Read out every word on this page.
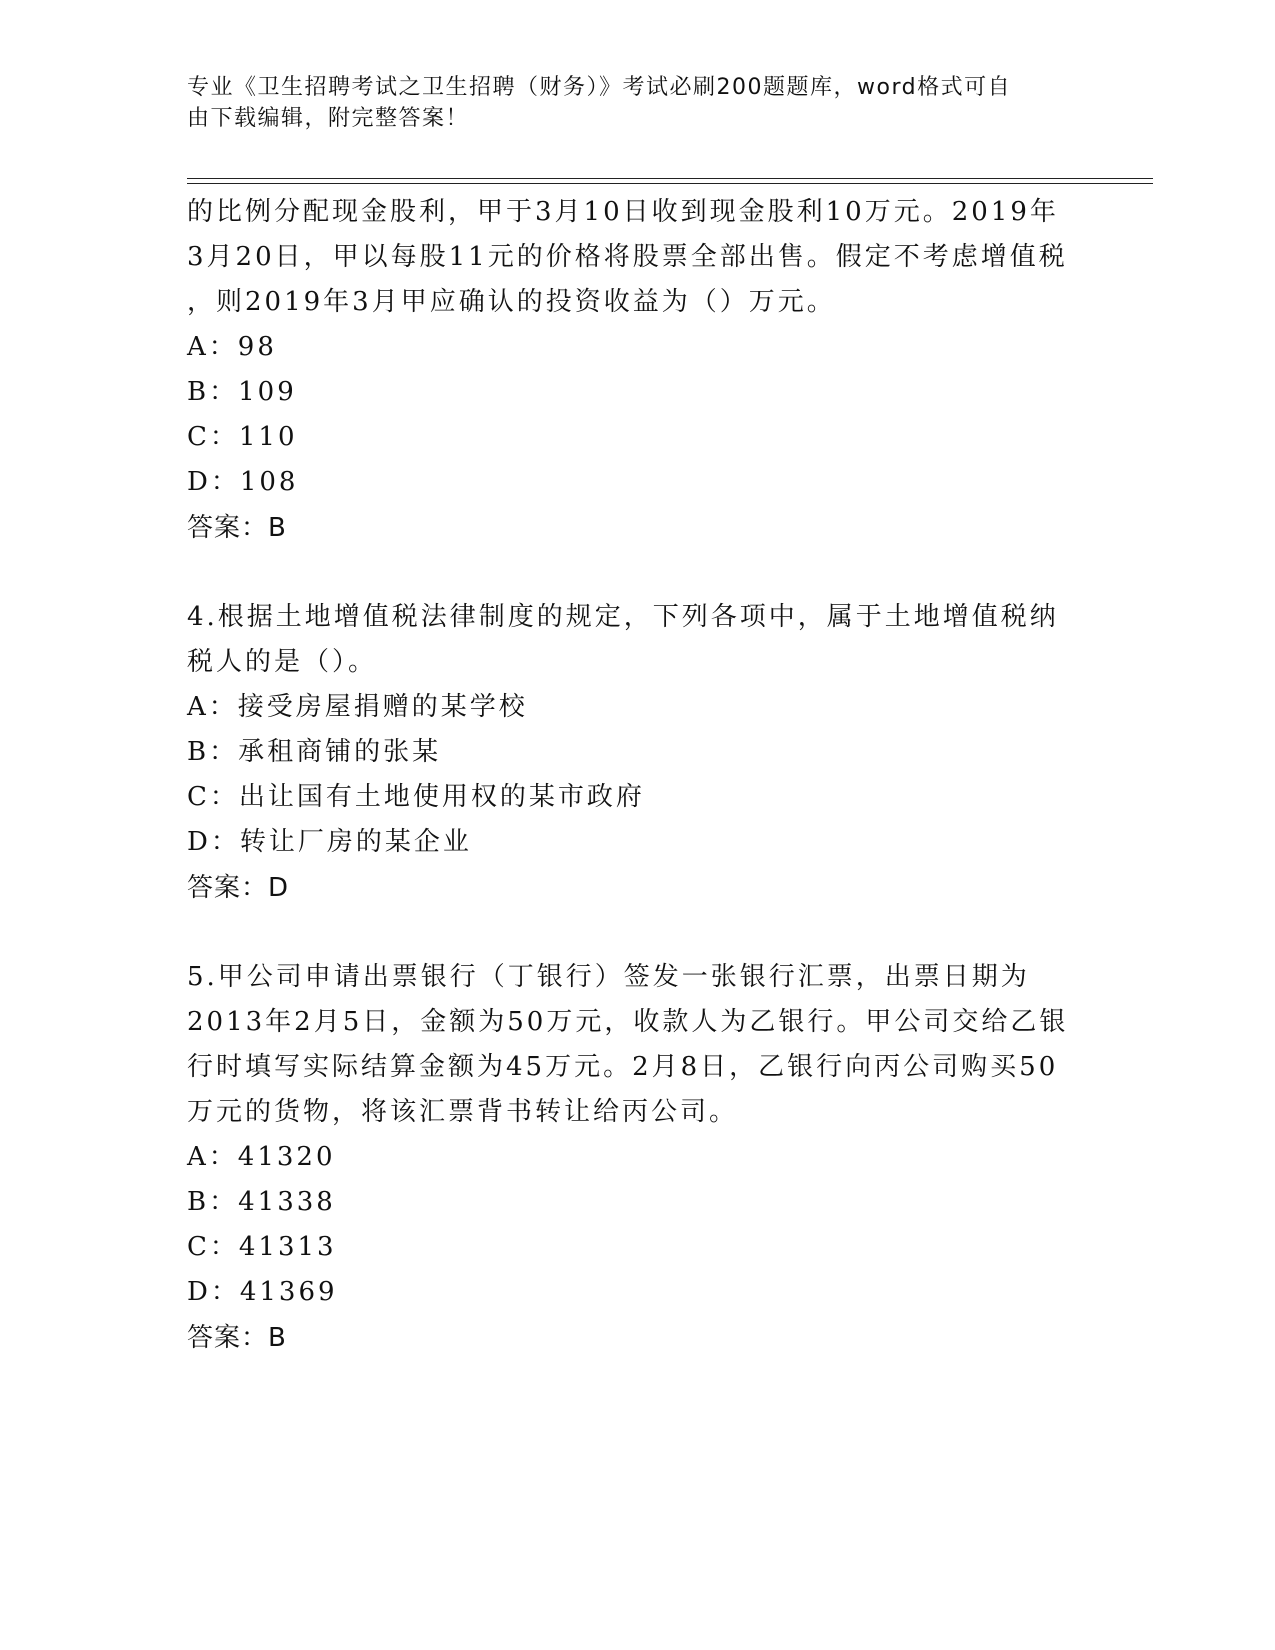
专业《卫生招聘考试之卫生招聘（财务）》考试必刷200题题库，word格式可自
由下载编辑，附完整答案！
的比例分配现金股利，甲于3月10日收到现金股利10万元。2019年
3月20日，甲以每股11元的价格将股票全部出售。假定不考虑增值税
，则2019年3月甲应确认的投资收益为（）万元。
A：98
B：109
C：110
D：108
答案：B
4.根据土地增值税法律制度的规定，下列各项中，属于土地增值税纳
税人的是（）。
A：接受房屋捐赠的某学校
B：承租商铺的张某
C：出让国有土地使用权的某市政府
D：转让厂房的某企业
答案：D
5.甲公司申请出票银行（丁银行）签发一张银行汇票，出票日期为
2013年2月5日，金额为50万元，收款人为乙银行。甲公司交给乙银
行时填写实际结算金额为45万元。2月8日，乙银行向丙公司购买50
万元的货物，将该汇票背书转让给丙公司。
A：41320
B：41338
C：41313
D：41369
答案：B
